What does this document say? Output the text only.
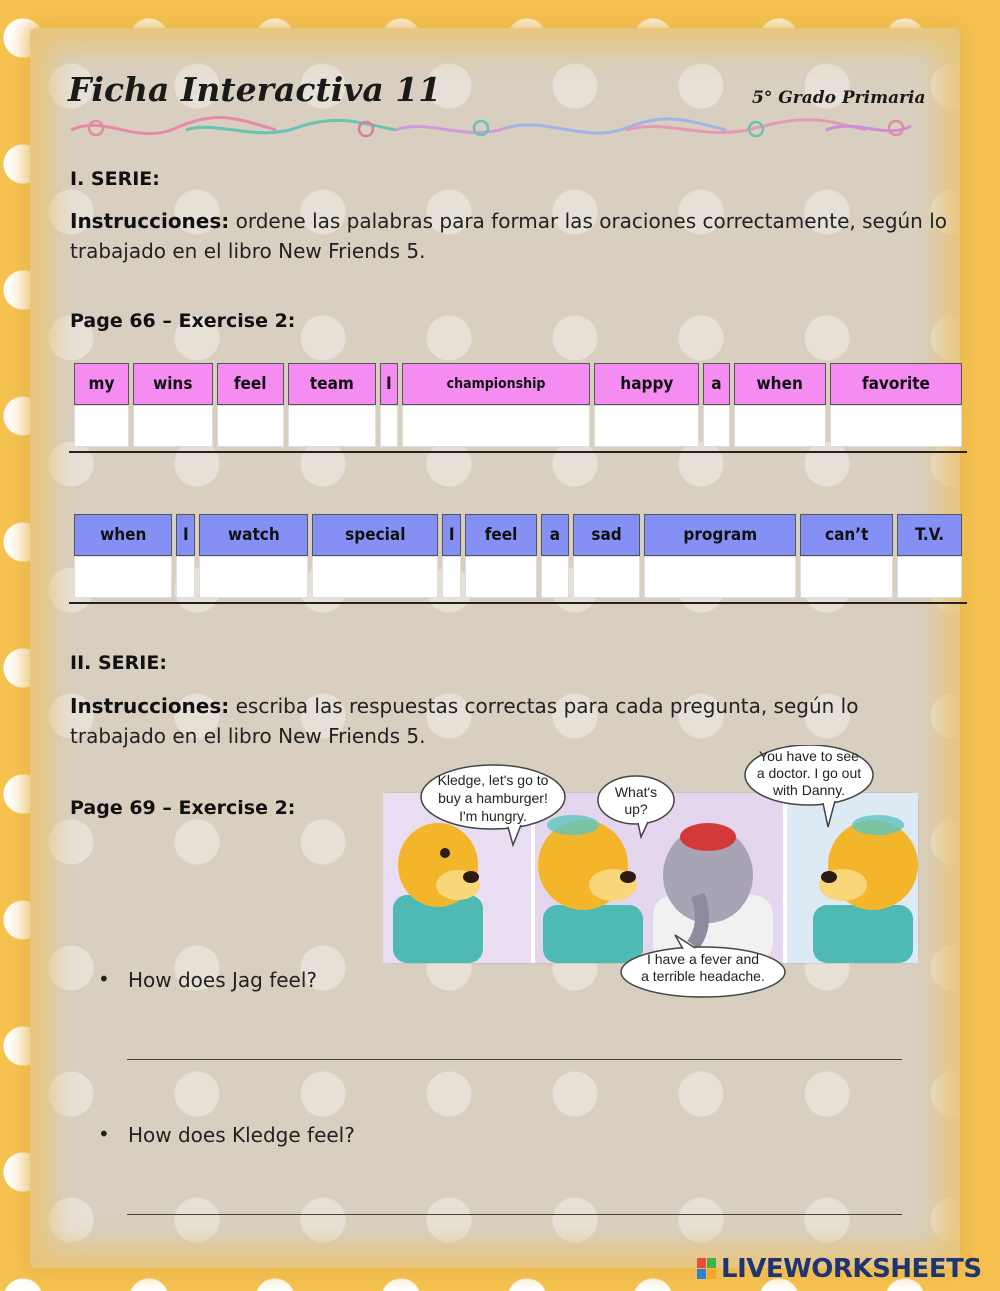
Ficha Interactiva 11	5° Grado Primaria
I. SERIE:
Instrucciones: ordene las palabras para formar las oraciones correctamente, según lo trabajado en el libro New Friends 5.
Page 66 – Exercise 2:
my	wins	feel	team	I	championship	happy	a	when	favorite

when	I	watch	special	I	feel	a	sad	program	can’t	T.V.

II. SERIE:
Instrucciones: escriba las respuestas correctas para cada pregunta, según lo trabajado en el libro New Friends 5.
Page 69 – Exercise 2:
Kledge, let's go to
buy a hamburger!
I'm hungry.
What's
up?
You have to see
a doctor. I go out
with Danny.
I have a fever and
a terrible headache.
• How does Jag feel?
• How does Kledge feel?
LIVEWORKSHEETS
